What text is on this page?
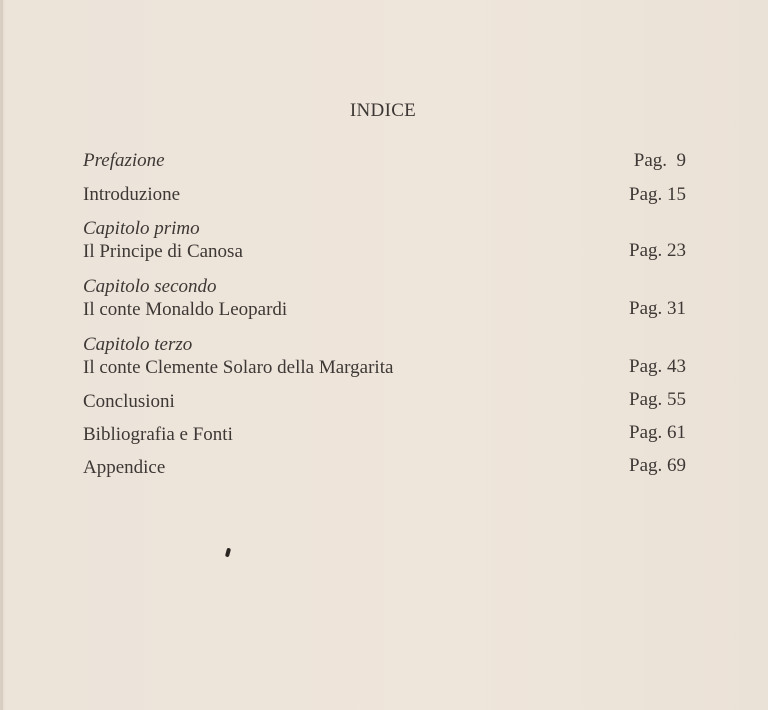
INDICE
Prefazione	Pag.  9
Introduzione	Pag. 15
Capitolo primo
Il Principe di Canosa	Pag. 23
Capitolo secondo
Il conte Monaldo Leopardi	Pag. 31
Capitolo terzo
Il conte Clemente Solaro della Margarita	Pag. 43
Conclusioni	Pag. 55
Bibliografia e Fonti	Pag. 61
Appendice	Pag. 69
